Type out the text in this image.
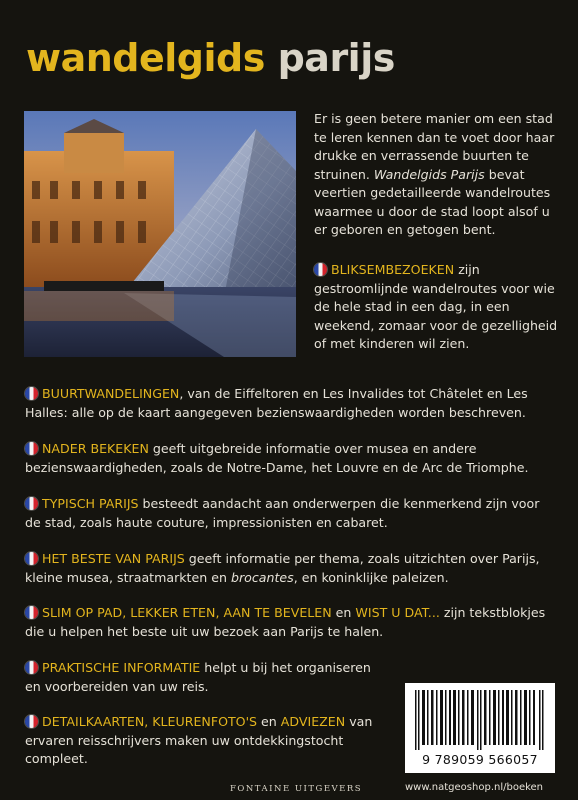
wandelgids parijs
Er is geen betere manier om een stad te leren kennen dan te voet door haar drukke en verrassende buurten te struinen. Wandelgids Parijs bevat veertien gedetailleerde wandelroutes waarmee u door de stad loopt alsof u er geboren en getogen bent.
BLIKSEMBEZOEKEN zijn gestroomlijnde wandelroutes voor wie de hele stad in een dag, in een weekend, zomaar voor de gezelligheid of met kinderen wil zien.
BUURTWANDELINGEN, van de Eiffeltoren en Les Invalides tot Châtelet en Les Halles: alle op de kaart aangegeven bezienswaardigheden worden beschreven.
NADER BEKEKEN geeft uitgebreide informatie over musea en andere bezienswaardigheden, zoals de Notre-Dame, het Louvre en de Arc de Triomphe.
TYPISCH PARIJS besteedt aandacht aan onderwerpen die kenmerkend zijn voor de stad, zoals haute couture, impressionisten en cabaret.
HET BESTE VAN PARIJS geeft informatie per thema, zoals uitzichten over Parijs, kleine musea, straatmarkten en brocantes, en koninklijke paleizen.
SLIM OP PAD, LEKKER ETEN, AAN TE BEVELEN en WIST U DAT... zijn tekstblokjes die u helpen het beste uit uw bezoek aan Parijs te halen.
PRAKTISCHE INFORMATIE helpt u bij het organiseren en voorbereiden van uw reis.
DETAILKAARTEN, KLEURENFOTO'S en ADVIEZEN van ervaren reisschrijvers maken uw ontdekkingstocht compleet.	9 789059 566057
FONTAINE UITGEVERS	www.natgeoshop.nl/boeken
